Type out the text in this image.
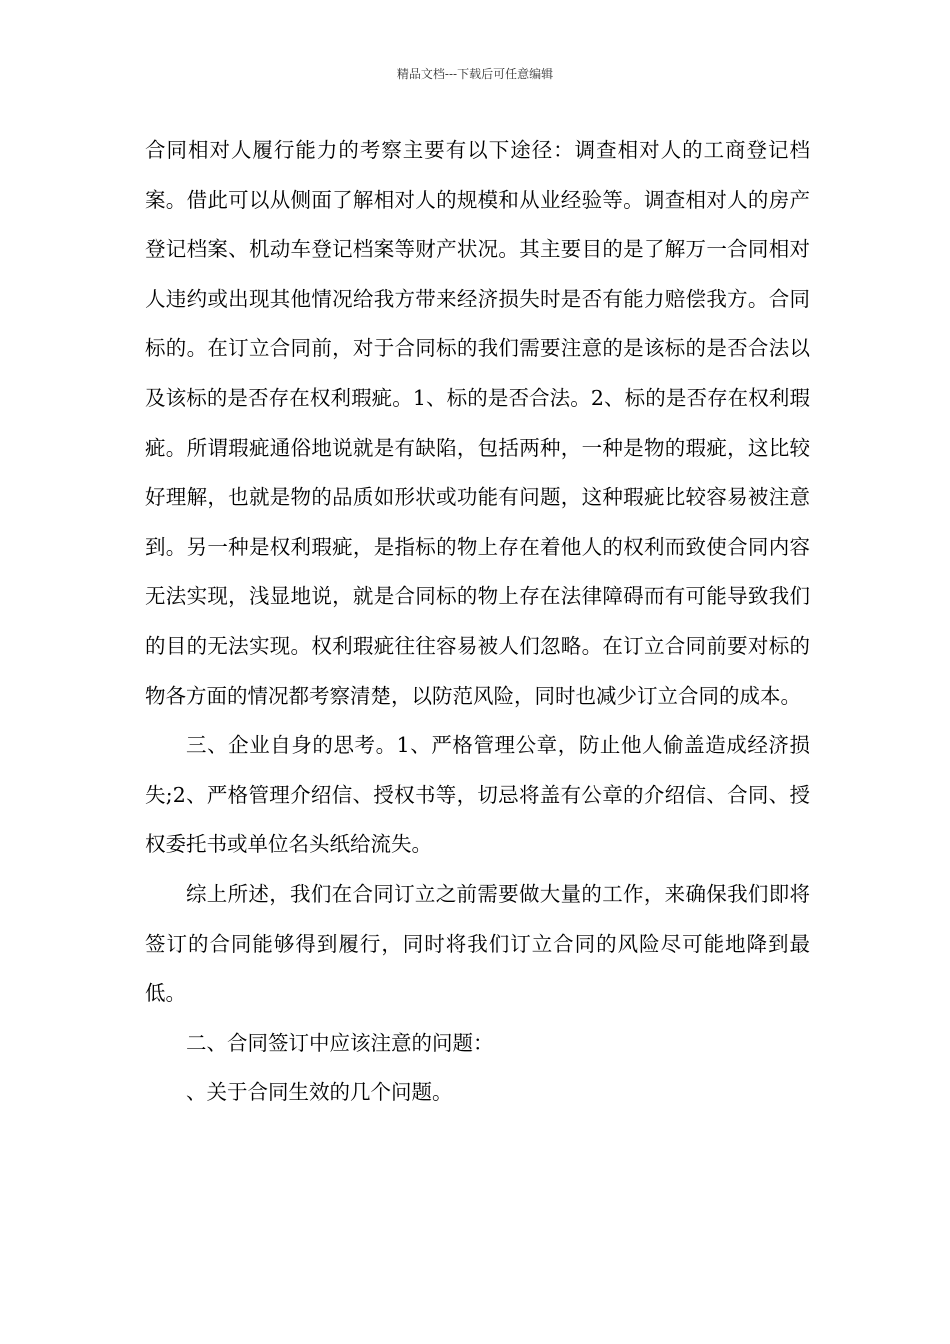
精品文档---下载后可任意编辑

合同相对人履行能力的考察主要有以下途径：调查相对人的工商登记档案。借此可以从侧面了解相对人的规模和从业经验等。调查相对人的房产登记档案、机动车登记档案等财产状况。其主要目的是了解万一合同相对人违约或出现其他情况给我方带来经济损失时是否有能力赔偿我方。合同标的。在订立合同前，对于合同标的我们需要注意的是该标的是否合法以及该标的是否存在权利瑕疵。1、标的是否合法。2、标的是否存在权利瑕疵。所谓瑕疵通俗地说就是有缺陷，包括两种，一种是物的瑕疵，这比较好理解，也就是物的品质如形状或功能有问题，这种瑕疵比较容易被注意到。另一种是权利瑕疵，是指标的物上存在着他人的权利而致使合同内容无法实现，浅显地说，就是合同标的物上存在法律障碍而有可能导致我们的目的无法实现。权利瑕疵往往容易被人们忽略。在订立合同前要对标的物各方面的情况都考察清楚，以防范风险，同时也减少订立合同的成本。

三、企业自身的思考。1、严格管理公章，防止他人偷盖造成经济损失;2、严格管理介绍信、授权书等，切忌将盖有公章的介绍信、合同、授权委托书或单位名头纸给流失。

综上所述，我们在合同订立之前需要做大量的工作，来确保我们即将签订的合同能够得到履行，同时将我们订立合同的风险尽可能地降到最低。

二、合同签订中应该注意的问题：

、关于合同生效的几个问题。
